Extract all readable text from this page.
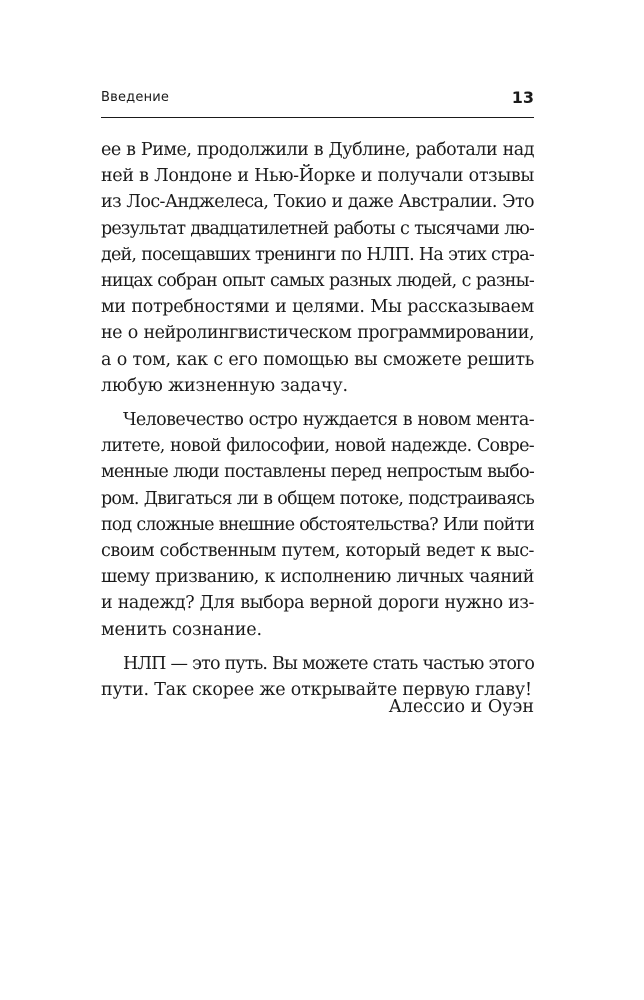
Введение	13
ее в Риме, продолжили в Дублине, работали над
ней в Лондоне и Нью-Йорке и получали отзывы
из Лос-Анджелеса, Токио и даже Австралии. Это
результат двадцатилетней работы с тысячами лю-
дей, посещавших тренинги по НЛП. На этих стра-
ницах собран опыт самых разных людей, с разны-
ми потребностями и целями. Мы рассказываем
не о нейролингвистическом программировании,
а о том, как с его помощью вы сможете решить
любую жизненную задачу.
Человечество остро нуждается в новом мента-
литете, новой философии, новой надежде. Совре-
менные люди поставлены перед непростым выбо-
ром. Двигаться ли в общем потоке, подстраиваясь
под сложные внешние обстоятельства? Или пойти
своим собственным путем, который ведет к выс-
шему призванию, к исполнению личных чаяний
и надежд? Для выбора верной дороги нужно из-
менить сознание.
НЛП — это путь. Вы можете стать частью этого
пути. Так скорее же открывайте первую главу!
Алессио и Оуэн
